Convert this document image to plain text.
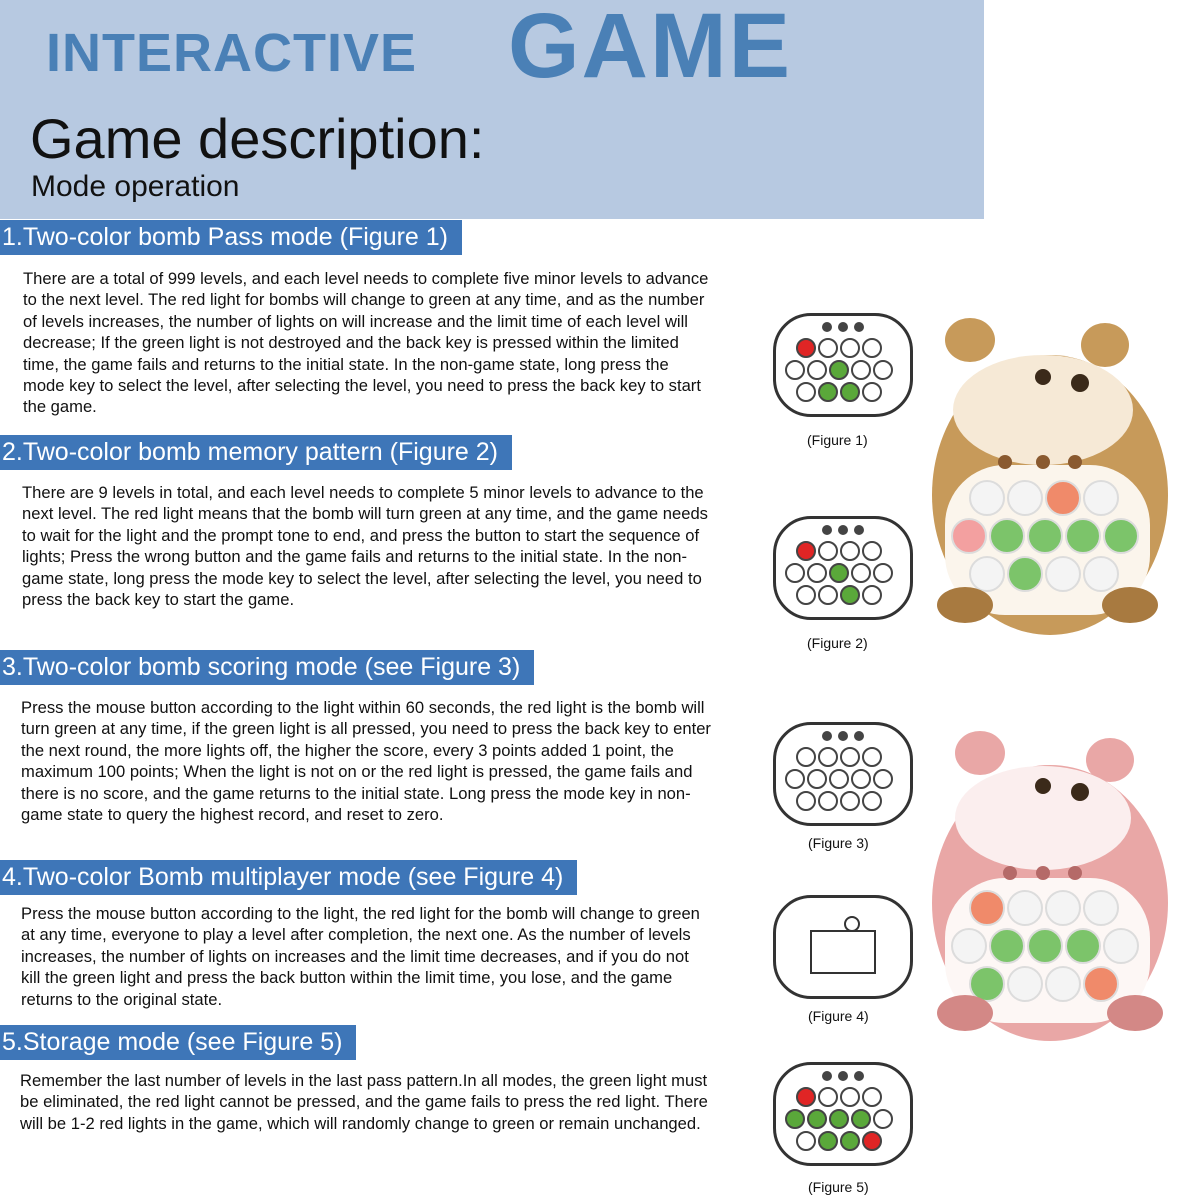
INTERACTIVE GAME
Game description:
Mode operation
1.Two-color bomb Pass mode (Figure 1)
There are a total of 999 levels, and each level needs to complete five minor levels to advance to the next level. The red light for bombs will change to green at any time, and as the number of levels increases, the number of lights on will increase and the limit time of each level will decrease; If the green light is not destroyed and the back key is pressed within the limited time, the game fails and returns to the initial state. In the non-game state, long press the mode key to select the level, after selecting the level, you need to press the back key to start the game.
2.Two-color bomb memory pattern (Figure 2)
There are 9 levels in total, and each level needs to complete 5 minor levels to advance to the next level. The red light means that the bomb will turn green at any time, and the game needs to wait for the light and the prompt tone to end, and press the button to start the sequence of lights; Press the wrong button and the game fails and returns to the initial state. In the non-game state, long press the mode key to select the level, after selecting the level, you need to press the back key to start the game.
3.Two-color bomb scoring mode (see Figure 3)
Press the mouse button according to the light within 60 seconds, the red light is the bomb will turn green at any time, if the green light is all pressed, you need to press the back key to enter the next round, the more lights off, the higher the score, every 3 points added 1 point, the maximum 100 points; When the light is not on or the red light is pressed, the game fails and there is no score, and the game returns to the initial state. Long press the mode key in non-game state to query the highest record, and reset to zero.
4.Two-color Bomb multiplayer mode (see Figure 4)
Press the mouse button according to the light, the red light for the bomb will change to green at any time, everyone to play a level after completion, the next one. As the number of levels increases, the number of lights on increases and the limit time decreases, and if you do not kill the green light and press the back button within the limit time, you lose, and the game returns to the original state.
5.Storage mode (see Figure 5)
Remember the last number of levels in the last pass pattern.In all modes, the green light must be eliminated, the red light cannot be pressed, and the game fails to press the red light. There will be 1-2 red lights in the game, which will randomly change to green or remain unchanged.
(Figure 1)
(Figure 2)
(Figure 3)
(Figure 4)
(Figure 5)
